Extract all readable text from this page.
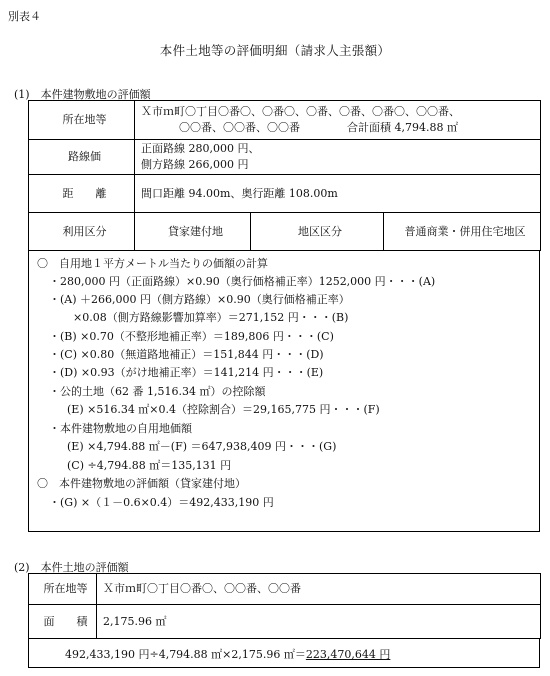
別表４
本件土地等の評価明細（請求人主張額）
(1)　本件建物敷地の評価額
所在地等	Ｘ市ｍ町〇丁目〇番〇、〇番〇、〇番、〇番、〇番〇、〇〇番、
〇〇番、〇〇番、〇〇番 合計面積 4,794.88 ㎡		

路線価	正面路線 280,000 円、
側方路線 266,000 円		

距　　離	間口距離 94.00m、奥行距離 108.00m		
利用区分	貸家建付地	地区区分	普通商業・併用住宅地区
〇　自用地１平方メートル当たりの価額の計算
・280,000 円（正面路線）×0.90（奥行価格補正率）1252,000 円・・・(A)
・(A) ＋266,000 円（側方路線）×0.90（奥行価格補正率）
×0.08（側方路線影響加算率）＝271,152 円・・・(B)
・(B) ×0.70（不整形地補正率）＝189,806 円・・・(C)
・(C) ×0.80（無道路地補正）＝151,844 円・・・(D)
・(D) ×0.93（がけ地補正率）＝141,214 円・・・(E)
・公的土地（62 番 1,516.34 ㎡）の控除額
(E) ×516.34 ㎡×0.4（控除割合）＝29,165,775 円・・・(F)
・本件建物敷地の自用地価額
(E) ×4,794.88 ㎡－(F) ＝647,938,409 円・・・(G)
(C) ÷4,794.88 ㎡＝135,131 円
〇　本件建物敷地の評価額（貸家建付地）
・(G) ×（１－0.6×0.4）＝492,433,190 円
(2)　本件土地の評価額
所在地等	Ｘ市ｍ町〇丁目〇番〇、〇〇番、〇〇番
面　　積	2,175.96 ㎡
492,433,190 円÷4,794.88 ㎡×2,175.96 ㎡＝223,470,644 円
